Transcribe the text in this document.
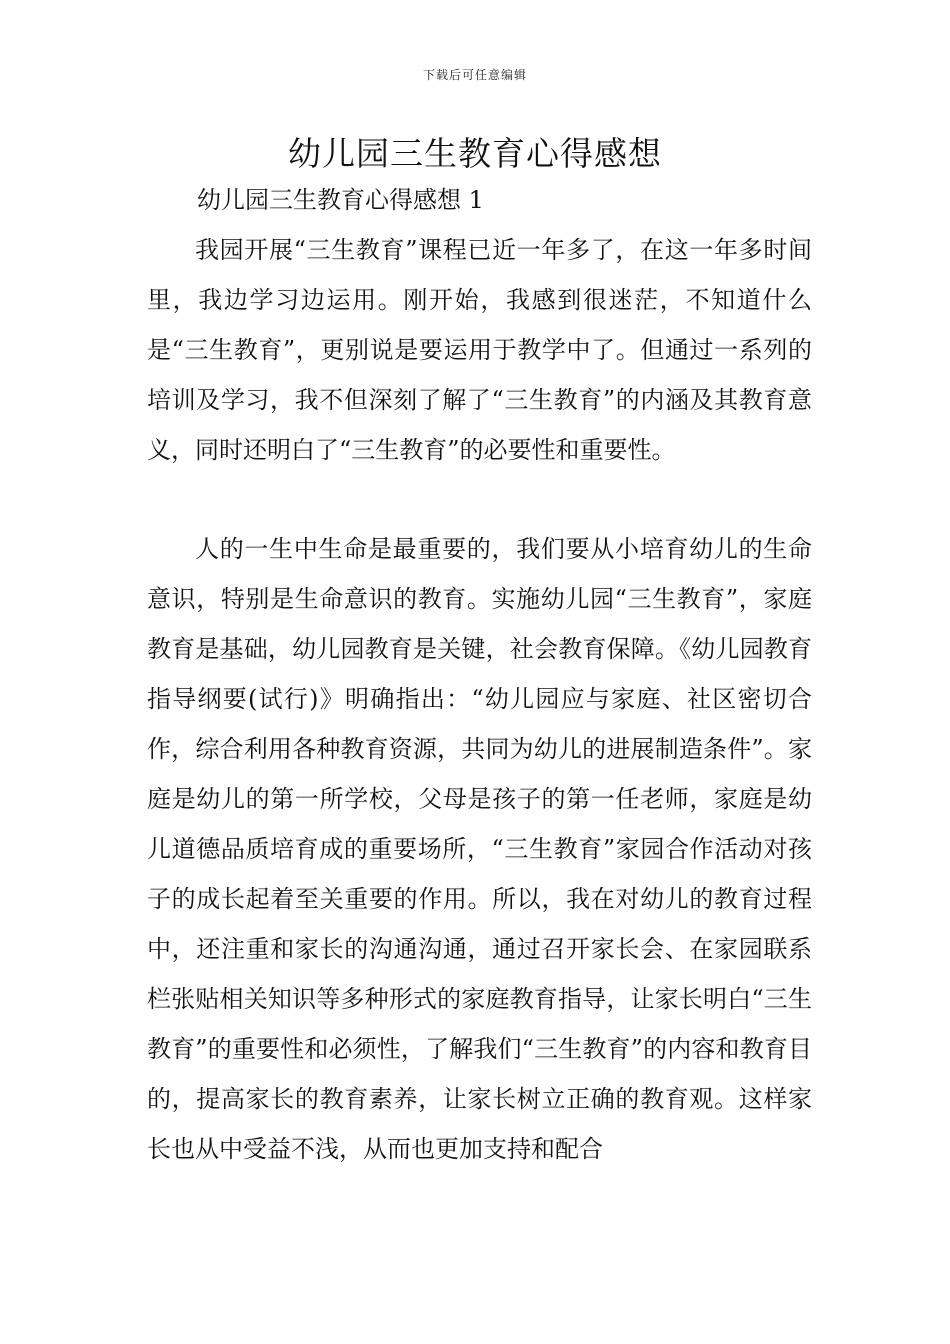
下载后可任意编辑
幼儿园三生教育心得感想
幼儿园三生教育心得感想 1

我园开展“三生教育”课程已近一年多了，在这一年多时间里，我边学习边运用。刚开始，我感到很迷茫，不知道什么是“三生教育”，更别说是要运用于教学中了。但通过一系列的培训及学习，我不但深刻了解了“三生教育”的内涵及其教育意义，同时还明白了“三生教育”的必要性和重要性。

人的一生中生命是最重要的，我们要从小培育幼儿的生命意识，特别是生命意识的教育。实施幼儿园“三生教育”，家庭教育是基础，幼儿园教育是关键，社会教育保障。《幼儿园教育指导纲要(试行)》明确指出：“幼儿园应与家庭、社区密切合作，综合利用各种教育资源，共同为幼儿的进展制造条件”。家庭是幼儿的第一所学校，父母是孩子的第一任老师，家庭是幼儿道德品质培育成的重要场所，“三生教育”家园合作活动对孩子的成长起着至关重要的作用。所以，我在对幼儿的教育过程中，还注重和家长的沟通沟通，通过召开家长会、在家园联系栏张贴相关知识等多种形式的家庭教育指导，让家长明白“三生教育”的重要性和必须性，了解我们“三生教育”的内容和教育目的，提高家长的教育素养，让家长树立正确的教育观。这样家长也从中受益不浅，从而也更加支持和配合
